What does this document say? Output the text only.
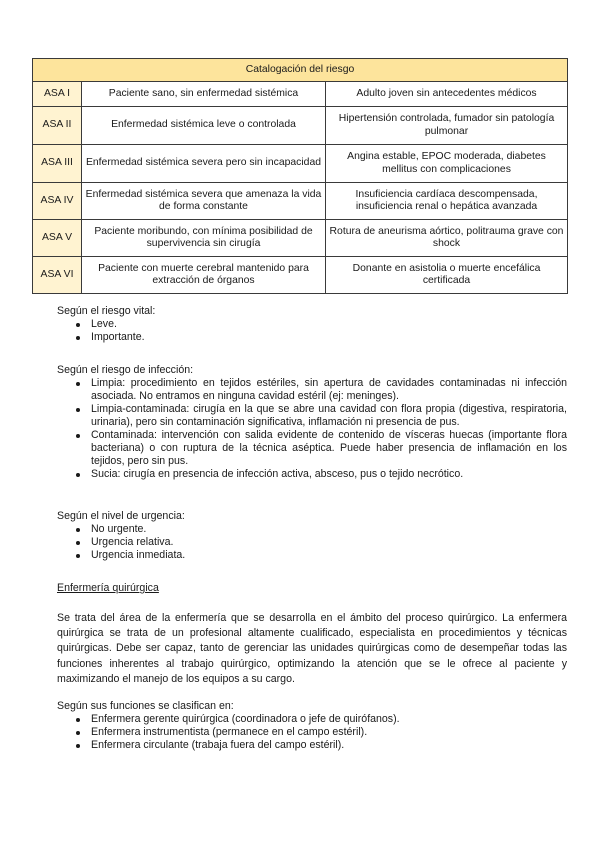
Catalogación del riesgo		
ASA I	Paciente sano, sin enfermedad sistémica	Adulto joven sin antecedentes médicos
ASA II	Enfermedad sistémica leve o controlada	Hipertensión controlada, fumador sin patología pulmonar
ASA III	Enfermedad sistémica severa pero sin incapacidad	Angina estable, EPOC moderada, diabetes mellitus con complicaciones
ASA IV	Enfermedad sistémica severa que amenaza la vida de forma constante	Insuficiencia cardíaca descompensada, insuficiencia renal o hepática avanzada
ASA V	Paciente moribundo, con mínima posibilidad de supervivencia sin cirugía	Rotura de aneurisma aórtico, politrauma grave con shock
ASA VI	Paciente con muerte cerebral mantenido para extracción de órganos	Donante en asistolia o muerte encefálica certificada

Según el riesgo vital:

Leve.
Importante.

Según el riesgo de infección:

Limpia: procedimiento en tejidos estériles, sin apertura de cavidades contaminadas ni infección asociada. No entramos en ninguna cavidad estéril (ej: meninges).
Limpia-contaminada: cirugía en la que se abre una cavidad con flora propia (digestiva, respiratoria, urinaria), pero sin contaminación significativa, inflamación ni presencia de pus.
Contaminada: intervención con salida evidente de contenido de vísceras huecas (importante flora bacteriana) o con ruptura de la técnica aséptica. Puede haber presencia de inflamación en los tejidos, pero sin pus.
Sucia: cirugía en presencia de infección activa, absceso, pus o tejido necrótico.

Según el nivel de urgencia:

No urgente.
Urgencia relativa.
Urgencia inmediata.

Enfermería quirúrgica

Se trata del área de la enfermería que se desarrolla en el ámbito del proceso quirúrgico. La enfermera quirúrgica se trata de un profesional altamente cualificado, especialista en procedimientos y técnicas quirúrgicas. Debe ser capaz, tanto de gerenciar las unidades quirúrgicas como de desempeñar todas las funciones inherentes al trabajo quirúrgico, optimizando la atención que se le ofrece al paciente y maximizando el manejo de los equipos a su cargo.

Según sus funciones se clasifican en:

Enfermera gerente quirúrgica (coordinadora o jefe de quirófanos).
Enfermera instrumentista (permanece en el campo estéril).
Enfermera circulante (trabaja fuera del campo estéril).
